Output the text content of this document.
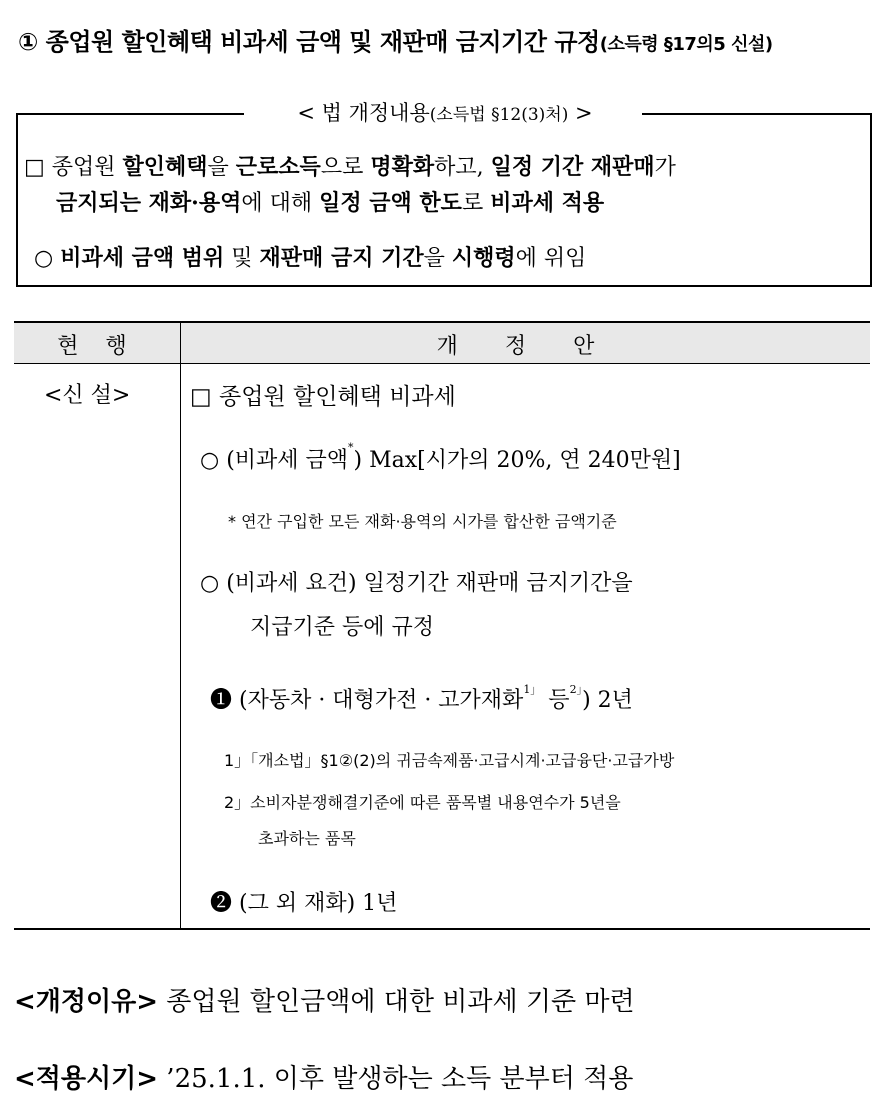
① 종업원 할인혜택 비과세 금액 및 재판매 금지기간 규정(소득령 §17의5 신설)
< 법 개정내용(소득법 §12(3)처) >
□ 종업원 할인혜택을 근로소득으로 명확화하고, 일정 기간 재판매가
금지되는 재화·용역에 대해 일정 금액 한도로 비과세 적용
○ 비과세 금액 범위 및 재판매 금지 기간을 시행령에 위임
현 행	개 정 안
<신 설>	□ 종업원 할인혜택 비과세
○ (비과세 금액*) Max[시가의 20%, 연 240만원]
* 연간 구입한 모든 재화·용역의 시가를 합산한 금액기준
○ (비과세 요건) 일정기간 재판매 금지기간을
지급기준 등에 규정
❶ (자동차 · 대형가전 · 고가재화$^{1」}$ 등$^{2」}$) 2년
1」「개소법」§1②(2)의 귀금속제품·고급시계·고급융단·고급가방
2」소비자분쟁해결기준에 따른 품목별 내용연수가 5년을
초과하는 품목
❷ (그 외 재화) 1년
<개정이유> 종업원 할인금액에 대한 비과세 기준 마련
<적용시기> ’25.1.1. 이후 발생하는 소득 분부터 적용
